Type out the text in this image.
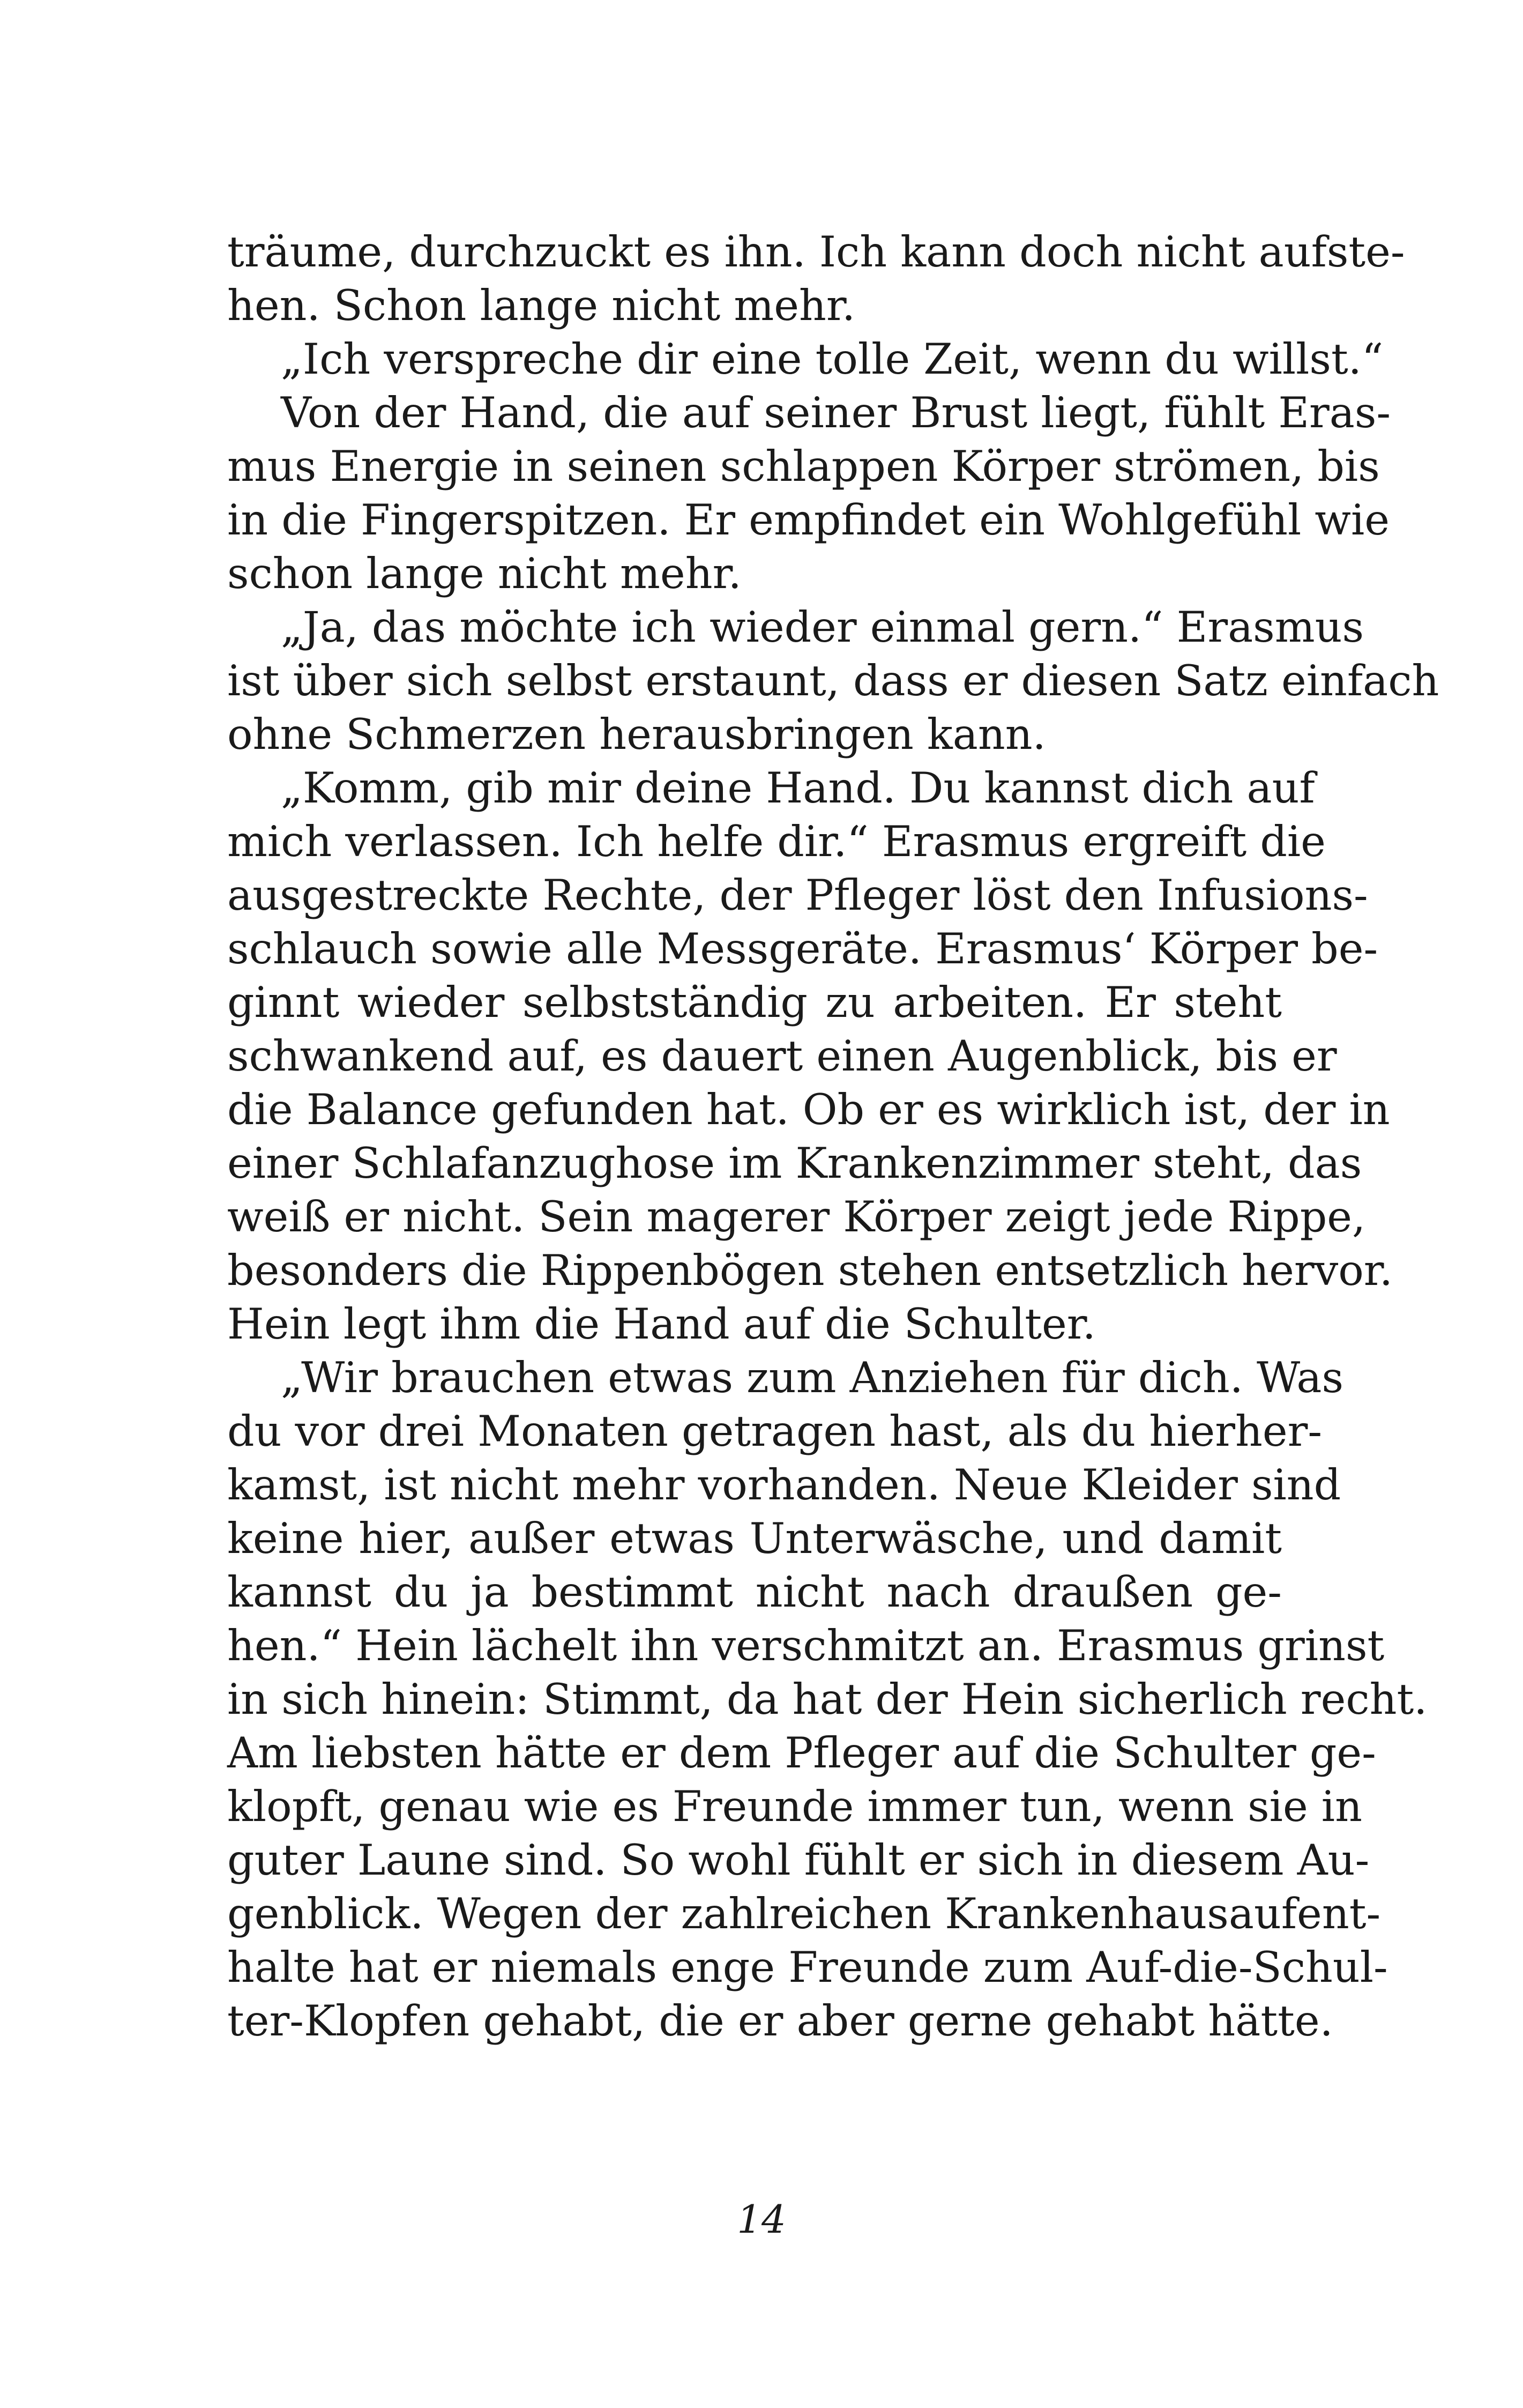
träume, durchzuckt es ihn. Ich kann doch nicht aufste-
hen. Schon lange nicht mehr.
„Ich verspreche dir eine tolle Zeit, wenn du willst.“
Von der Hand, die auf seiner Brust liegt, fühlt Eras-
mus Energie in seinen schlappen Körper strömen, bis
in die Fingerspitzen. Er empfindet ein Wohlgefühl wie
schon lange nicht mehr.
„Ja, das möchte ich wieder einmal gern.“ Erasmus
ist über sich selbst erstaunt, dass er diesen Satz einfach
ohne Schmerzen herausbringen kann.
„Komm, gib mir deine Hand. Du kannst dich auf
mich verlassen. Ich helfe dir.“ Erasmus ergreift die
ausgestreckte Rechte, der Pfleger löst den Infusions-
schlauch sowie alle Messgeräte. Erasmus‘ Körper be-
ginnt wieder selbstständig zu arbeiten. Er steht
schwankend auf, es dauert einen Augenblick, bis er
die Balance gefunden hat. Ob er es wirklich ist, der in
einer Schlafanzughose im Krankenzimmer steht, das
weiß er nicht. Sein magerer Körper zeigt jede Rippe,
besonders die Rippenbögen stehen entsetzlich hervor.
Hein legt ihm die Hand auf die Schulter.
„Wir brauchen etwas zum Anziehen für dich. Was
du vor drei Monaten getragen hast, als du hierher-
kamst, ist nicht mehr vorhanden. Neue Kleider sind
keine hier, außer etwas Unterwäsche, und damit
kannst du ja bestimmt nicht nach draußen ge-
hen.“ Hein lächelt ihn verschmitzt an. Erasmus grinst
in sich hinein: Stimmt, da hat der Hein sicherlich recht.
Am liebsten hätte er dem Pfleger auf die Schulter ge-
klopft, genau wie es Freunde immer tun, wenn sie in
guter Laune sind. So wohl fühlt er sich in diesem Au-
genblick. Wegen der zahlreichen Krankenhausaufent-
halte hat er niemals enge Freunde zum Auf-die-Schul-
ter-Klopfen gehabt, die er aber gerne gehabt hätte.
14
